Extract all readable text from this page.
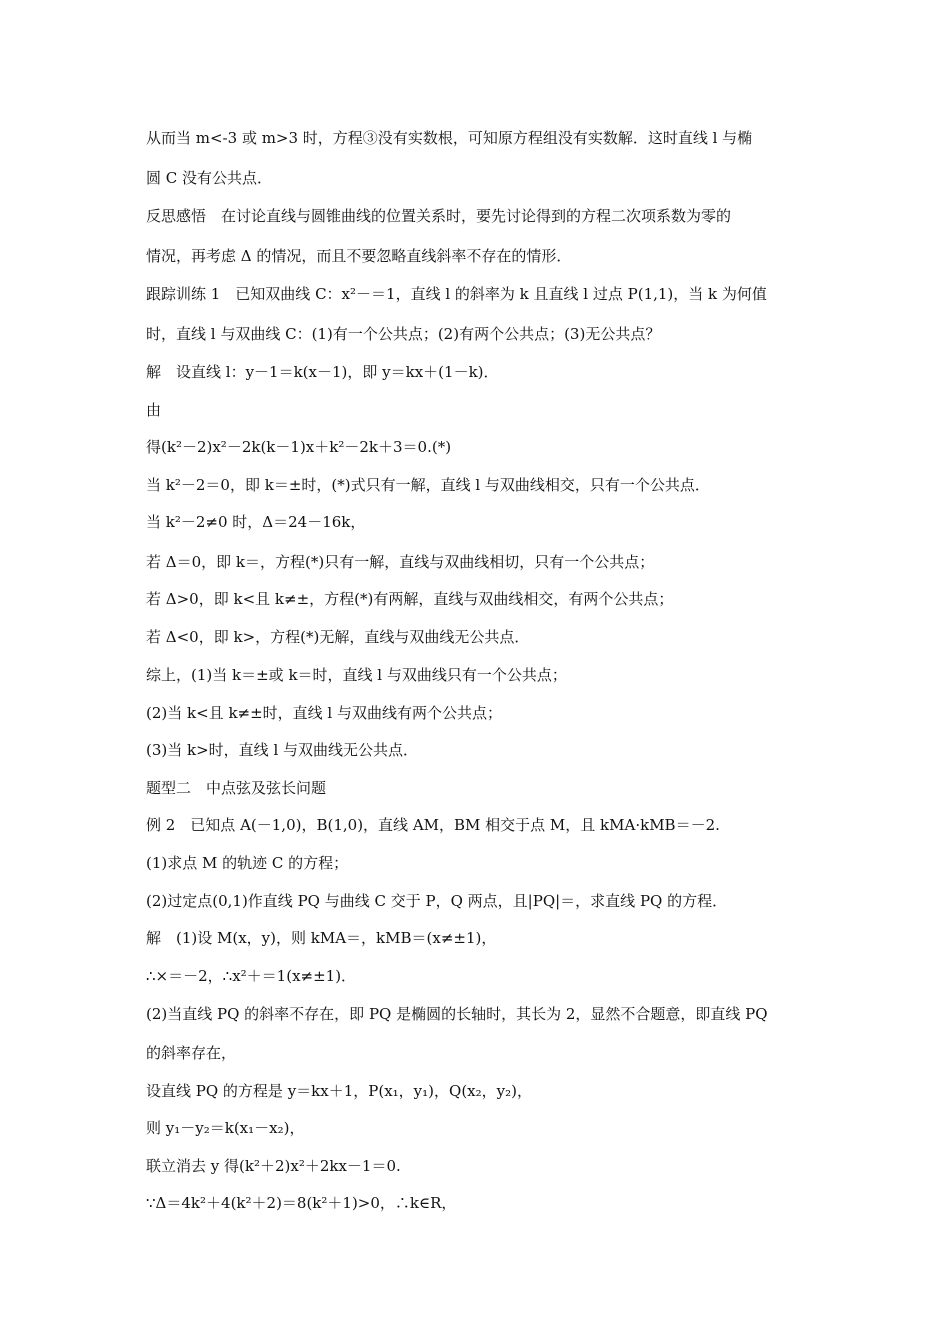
从而当 m<-3 或 m>3 时，方程③没有实数根，可知原方程组没有实数解．这时直线 l 与椭
圆 C 没有公共点．
反思感悟　在讨论直线与圆锥曲线的位置关系时，要先讨论得到的方程二次项系数为零的
情况，再考虑 Δ 的情况，而且不要忽略直线斜率不存在的情形．
跟踪训练 1　已知双曲线 C：x²－＝1，直线 l 的斜率为 k 且直线 l 过点 P(1,1)，当 k 为何值
时，直线 l 与双曲线 C：(1)有一个公共点；(2)有两个公共点；(3)无公共点？
解　设直线 l：y－1＝k(x－1)，即 y＝kx＋(1－k)．
由
得(k²－2)x²－2k(k－1)x＋k²－2k＋3＝0.(*)
当 k²－2＝0，即 k＝±时，(*)式只有一解，直线 l 与双曲线相交，只有一个公共点．
当 k²－2≠0 时，Δ＝24－16k，
若 Δ＝0，即 k＝，方程(*)只有一解，直线与双曲线相切，只有一个公共点；
若 Δ>0，即 k<且 k≠±，方程(*)有两解，直线与双曲线相交，有两个公共点；
若 Δ<0，即 k>，方程(*)无解，直线与双曲线无公共点．
综上，(1)当 k＝±或 k＝时，直线 l 与双曲线只有一个公共点；
(2)当 k<且 k≠±时，直线 l 与双曲线有两个公共点；
(3)当 k>时，直线 l 与双曲线无公共点．
题型二　中点弦及弦长问题
例 2　已知点 A(－1,0)，B(1,0)，直线 AM，BM 相交于点 M，且 kMA·kMB＝－2.
(1)求点 M 的轨迹 C 的方程；
(2)过定点(0,1)作直线 PQ 与曲线 C 交于 P，Q 两点，且|PQ|＝，求直线 PQ 的方程．
解　(1)设 M(x，y)，则 kMA＝，kMB＝(x≠±1)，
∴×＝－2，∴x²＋＝1(x≠±1)．
(2)当直线 PQ 的斜率不存在，即 PQ 是椭圆的长轴时，其长为 2，显然不合题意，即直线 PQ
的斜率存在，
设直线 PQ 的方程是 y＝kx＋1，P(x₁，y₁)，Q(x₂，y₂)，
则 y₁－y₂＝k(x₁－x₂)，
联立消去 y 得(k²＋2)x²＋2kx－1＝0.
∵Δ＝4k²＋4(k²＋2)＝8(k²＋1)>0，∴k∈R，
